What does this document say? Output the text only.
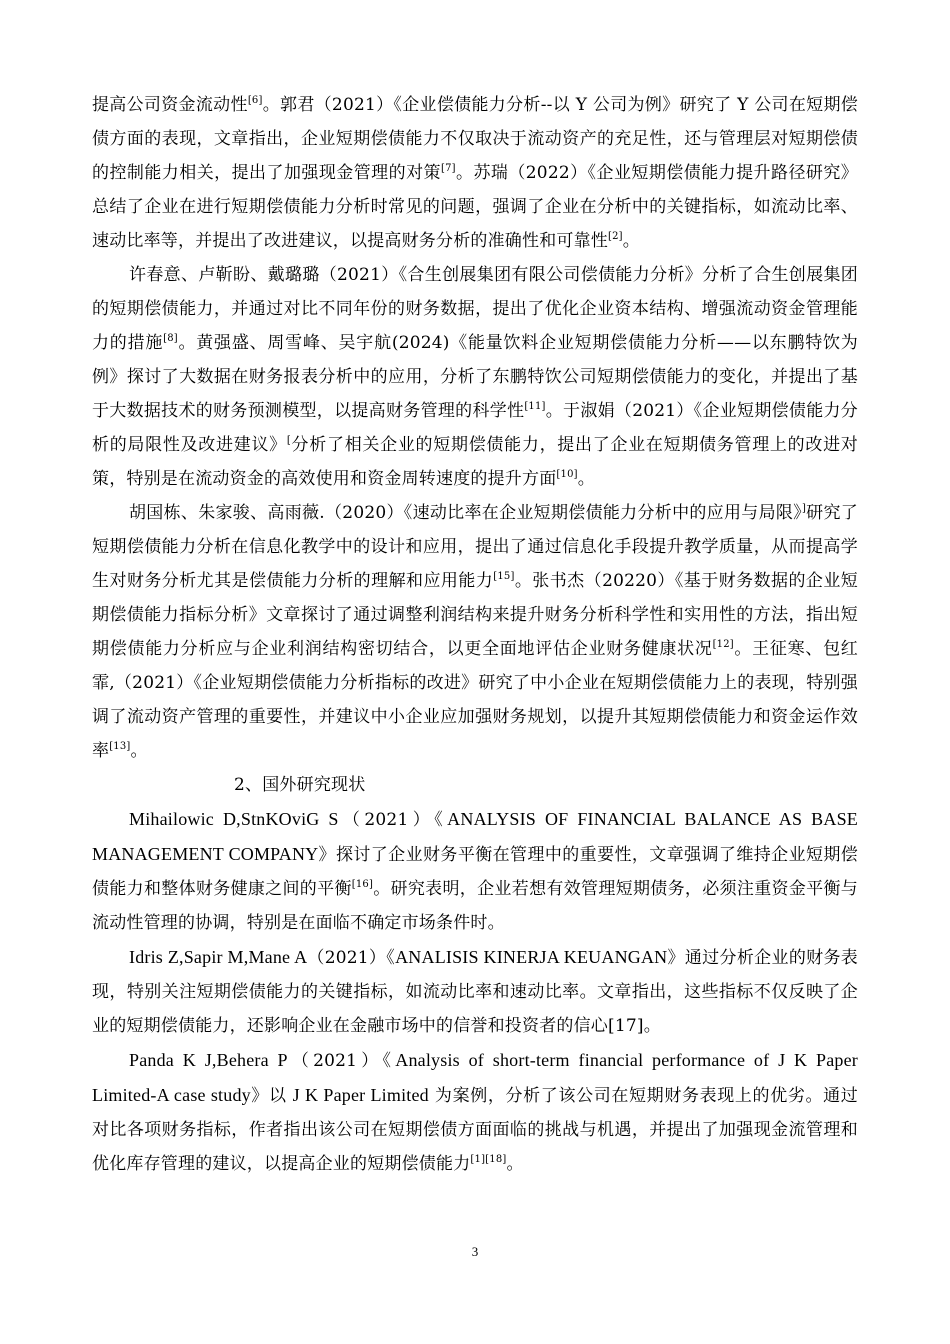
提高公司资金流动性[6]。郭君（2021）《企业偿债能力分析--以 Y 公司为例》研究了 Y 公司在短期偿债方面的表现，文章指出，企业短期偿债能力不仅取决于流动资产的充足性，还与管理层对短期偿债的控制能力相关，提出了加强现金管理的对策[7]。苏瑞（2022）《企业短期偿债能力提升路径研究》总结了企业在进行短期偿债能力分析时常见的问题，强调了企业在分析中的关键指标，如流动比率、速动比率等，并提出了改进建议，以提高财务分析的准确性和可靠性[2]。

许春意、卢靳盼、戴璐璐（2021）《合生创展集团有限公司偿债能力分析》分析了合生创展集团的短期偿债能力，并通过对比不同年份的财务数据，提出了优化企业资本结构、增强流动资金管理能力的措施[8]。黄强盛、周雪峰、吴宇航(2024)《能量饮料企业短期偿债能力分析——以东鹏特饮为例》探讨了大数据在财务报表分析中的应用，分析了东鹏特饮公司短期偿债能力的变化，并提出了基于大数据技术的财务预测模型，以提高财务管理的科学性[11]。于淑娟（2021）《企业短期偿债能力分析的局限性及改进建议》[分析了相关企业的短期偿债能力，提出了企业在短期债务管理上的改进对策，特别是在流动资金的高效使用和资金周转速度的提升方面[10]。

胡国栋、朱家骏、高雨薇.（2020）《速动比率在企业短期偿债能力分析中的应用与局限》]研究了短期偿债能力分析在信息化教学中的设计和应用，提出了通过信息化手段提升教学质量，从而提高学生对财务分析尤其是偿债能力分析的理解和应用能力[15]。张书杰（20220）《基于财务数据的企业短期偿债能力指标分析》文章探讨了通过调整利润结构来提升财务分析科学性和实用性的方法，指出短期偿债能力分析应与企业利润结构密切结合，以更全面地评估企业财务健康状况[12]。王征寒、包红霏,（2021）《企业短期偿债能力分析指标的改进》研究了中小企业在短期偿债能力上的表现，特别强调了流动资产管理的重要性，并建议中小企业应加强财务规划，以提升其短期偿债能力和资金运作效率[13]。

2、国外研究现状

Mihailowic D,StnKOviG S（2021）《ANALYSIS OF FINANCIAL BALANCE AS BASE MANAGEMENT COMPANY》探讨了企业财务平衡在管理中的重要性，文章强调了维持企业短期偿债能力和整体财务健康之间的平衡[16]。研究表明，企业若想有效管理短期债务，必须注重资金平衡与流动性管理的协调，特别是在面临不确定市场条件时。

Idris Z,Sapir M,Mane A（2021）《ANALISIS KINERJA KEUANGAN》通过分析企业的财务表现，特别关注短期偿债能力的关键指标，如流动比率和速动比率。文章指出，这些指标不仅反映了企业的短期偿债能力，还影响企业在金融市场中的信誉和投资者的信心[17]。

Panda K J,Behera P（2021）《Analysis of short-term financial performance of J K Paper Limited-A case study》以 J K Paper Limited 为案例，分析了该公司在短期财务表现上的优劣。通过对比各项财务指标，作者指出该公司在短期偿债方面面临的挑战与机遇，并提出了加强现金流管理和优化库存管理的建议，以提高企业的短期偿债能力[1][18]。

3
